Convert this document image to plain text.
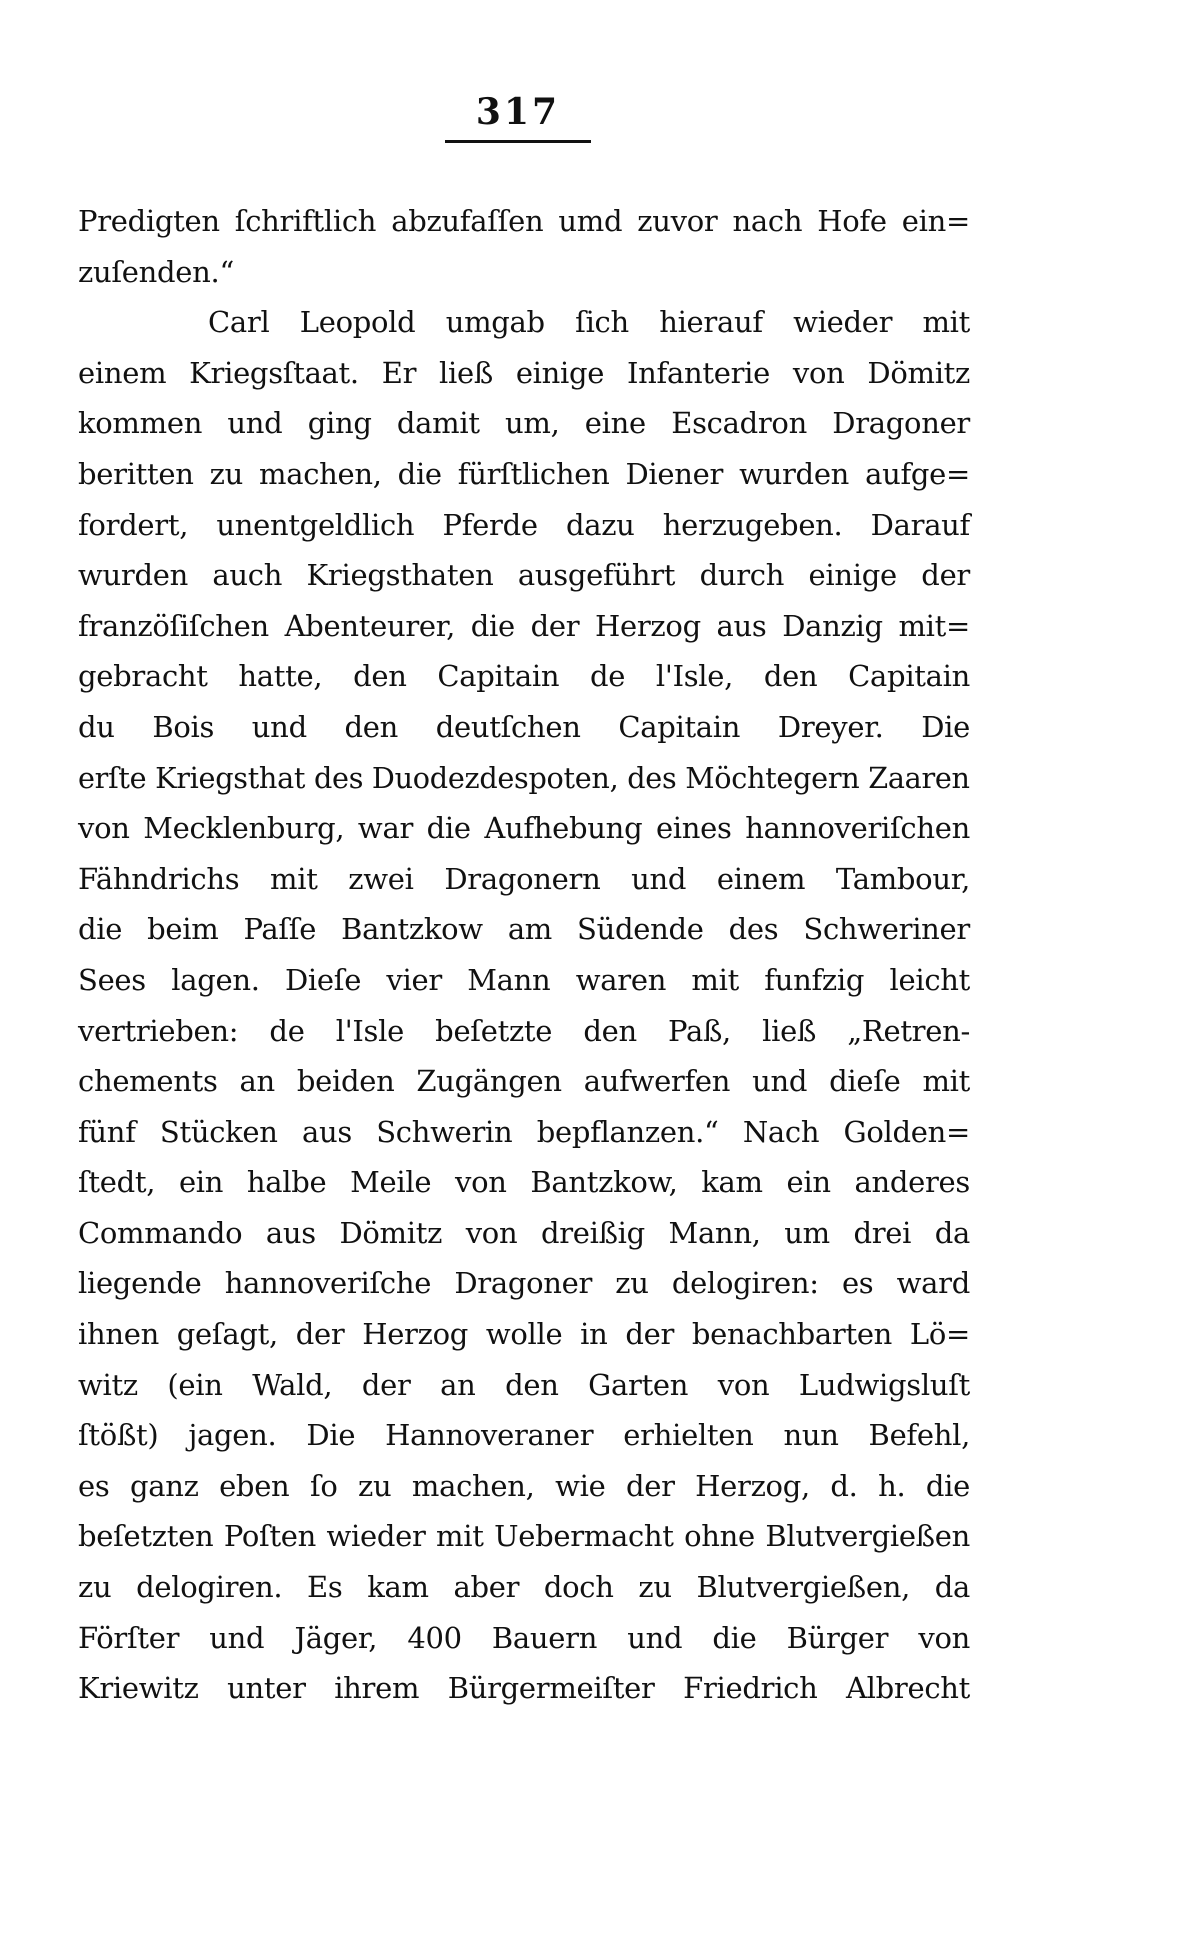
317
Predigten ſchriftlich abzufaſſen umd zuvor nach Hofe ein=
zuſenden.“
Carl Leopold umgab ſich hierauf wieder mit
einem Kriegsſtaat. Er ließ einige Infanterie von Dömitz
kommen und ging damit um, eine Escadron Dragoner
beritten zu machen, die fürſtlichen Diener wurden aufge=
fordert, unentgeldlich Pferde dazu herzugeben. Darauf
wurden auch Kriegsthaten ausgeführt durch einige der
franzöſiſchen Abenteurer, die der Herzog aus Danzig mit=
gebracht hatte, den Capitain de l'Isle, den Capitain
du Bois und den deutſchen Capitain Dreyer. Die
erſte Kriegsthat des Duodezdespoten, des Möchtegern Zaaren
von Mecklenburg, war die Aufhebung eines hannoveriſchen
Fähndrichs mit zwei Dragonern und einem Tambour,
die beim Paſſe Bantzkow am Südende des Schweriner
Sees lagen. Dieſe vier Mann waren mit funfzig leicht
vertrieben: de l'Isle beſetzte den Paß, ließ „Retren-
chements an beiden Zugängen aufwerfen und dieſe mit
fünf Stücken aus Schwerin bepflanzen.“ Nach Golden=
ſtedt, ein halbe Meile von Bantzkow, kam ein anderes
Commando aus Dömitz von dreißig Mann, um drei da
liegende hannoveriſche Dragoner zu delogiren: es ward
ihnen geſagt, der Herzog wolle in der benachbarten Lö=
witz (ein Wald, der an den Garten von Ludwigsluſt
ſtößt) jagen. Die Hannoveraner erhielten nun Befehl,
es ganz eben ſo zu machen, wie der Herzog, d. h. die
beſetzten Poſten wieder mit Uebermacht ohne Blutvergießen
zu delogiren. Es kam aber doch zu Blutvergießen, da
Förſter und Jäger, 400 Bauern und die Bürger von
Kriewitz unter ihrem Bürgermeiſter Friedrich Albrecht
